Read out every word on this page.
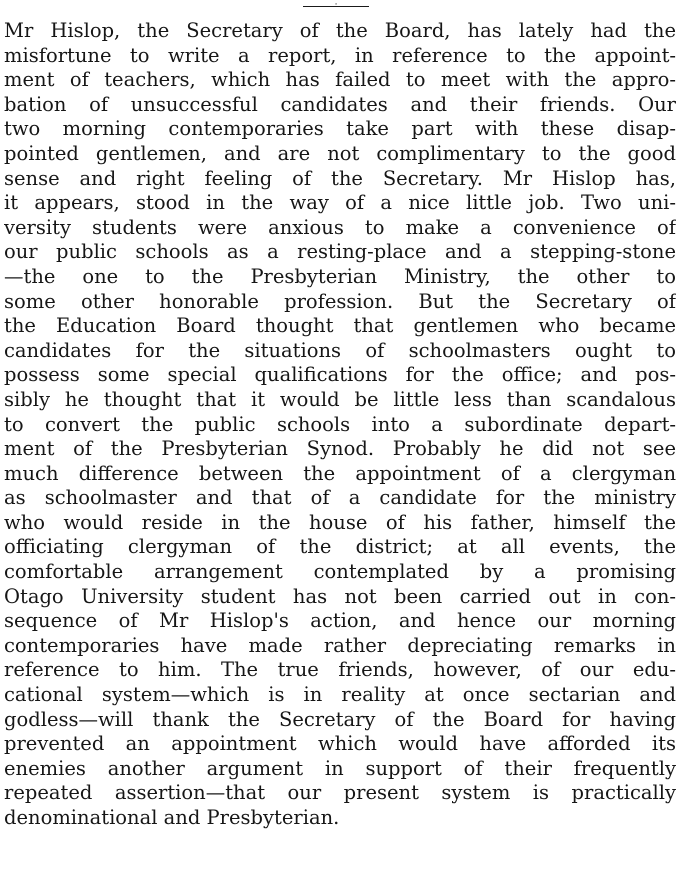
·
Mr Hislop, the Secretary of the Board, has lately had the
misfortune to write a report, in reference to the appoint-
ment of teachers, which has failed to meet with the appro-
bation of unsuccessful candidates and their friends. Our
two morning contemporaries take part with these disap-
pointed gentlemen, and are not complimentary to the good
sense and right feeling of the Secretary. Mr Hislop has,
it appears, stood in the way of a nice little job. Two uni-
versity students were anxious to make a convenience of
our public schools as a resting-place and a stepping-stone
—the one to the Presbyterian Ministry, the other to
some other honorable profession. But the Secretary of
the Education Board thought that gentlemen who became
candidates for the situations of schoolmasters ought to
possess some special qualifications for the office; and pos-
sibly he thought that it would be little less than scandalous
to convert the public schools into a subordinate depart-
ment of the Presbyterian Synod. Probably he did not see
much difference between the appointment of a clergyman
as schoolmaster and that of a candidate for the ministry
who would reside in the house of his father, himself the
officiating clergyman of the district; at all events, the
comfortable arrangement contemplated by a promising
Otago University student has not been carried out in con-
sequence of Mr Hislop's action, and hence our morning
contemporaries have made rather depreciating remarks in
reference to him. The true friends, however, of our edu-
cational system—which is in reality at once sectarian and
godless—will thank the Secretary of the Board for having
prevented an appointment which would have afforded its
enemies another argument in support of their frequently
repeated assertion—that our present system is practically
denominational and Presbyterian.
